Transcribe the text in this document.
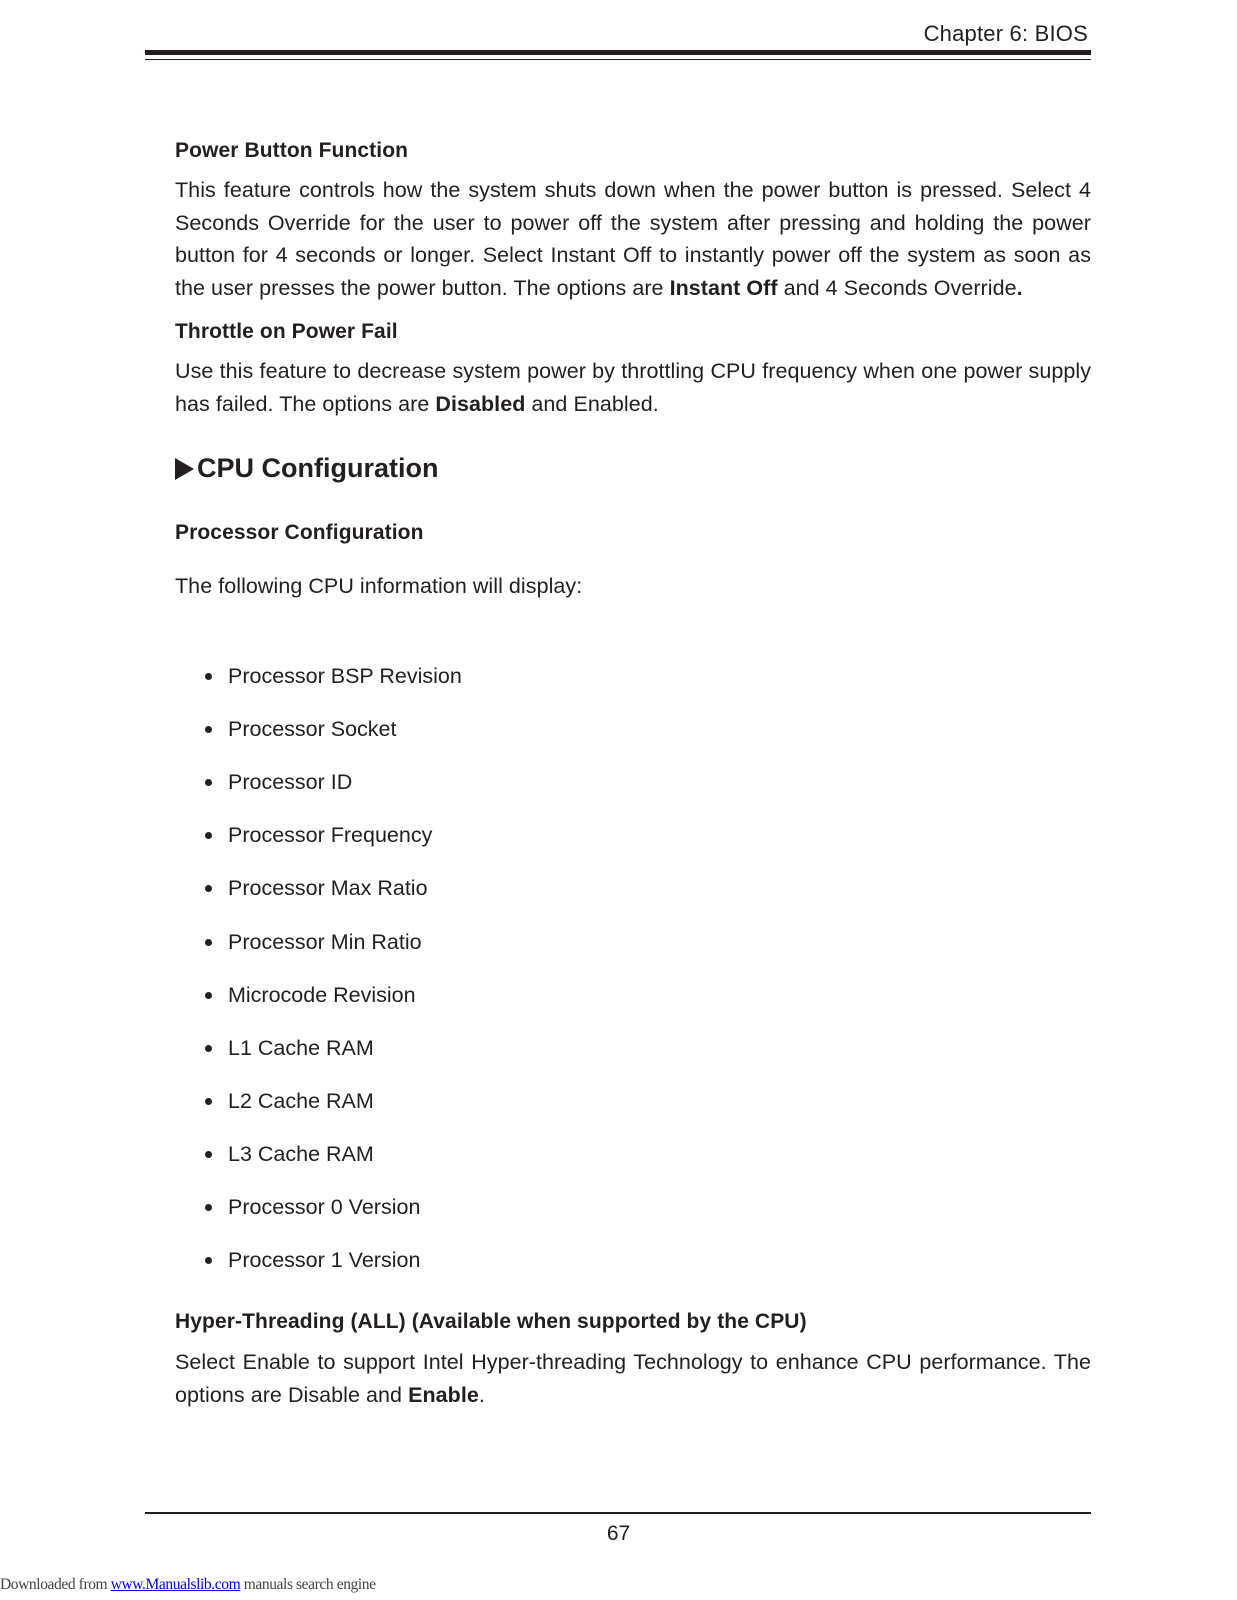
Chapter 6: BIOS
Power Button Function
This feature controls how the system shuts down when the power button is pressed. Select 4 Seconds Override for the user to power off the system after pressing and holding the power button for 4 seconds or longer. Select Instant Off to instantly power off the system as soon as the user presses the power button. The options are Instant Off and 4 Seconds Override.
Throttle on Power Fail
Use this feature to decrease system power by throttling CPU frequency when one power supply has failed. The options are Disabled and Enabled.
CPU Configuration
Processor Configuration
The following CPU information will display:
Processor BSP Revision
Processor Socket
Processor ID
Processor Frequency
Processor Max Ratio
Processor Min Ratio
Microcode Revision
L1 Cache RAM
L2 Cache RAM
L3 Cache RAM
Processor 0 Version
Processor 1 Version
Hyper-Threading (ALL) (Available when supported by the CPU)
Select Enable to support Intel Hyper-threading Technology to enhance CPU performance. The options are Disable and Enable.
67
Downloaded from www.Manualslib.com manuals search engine
